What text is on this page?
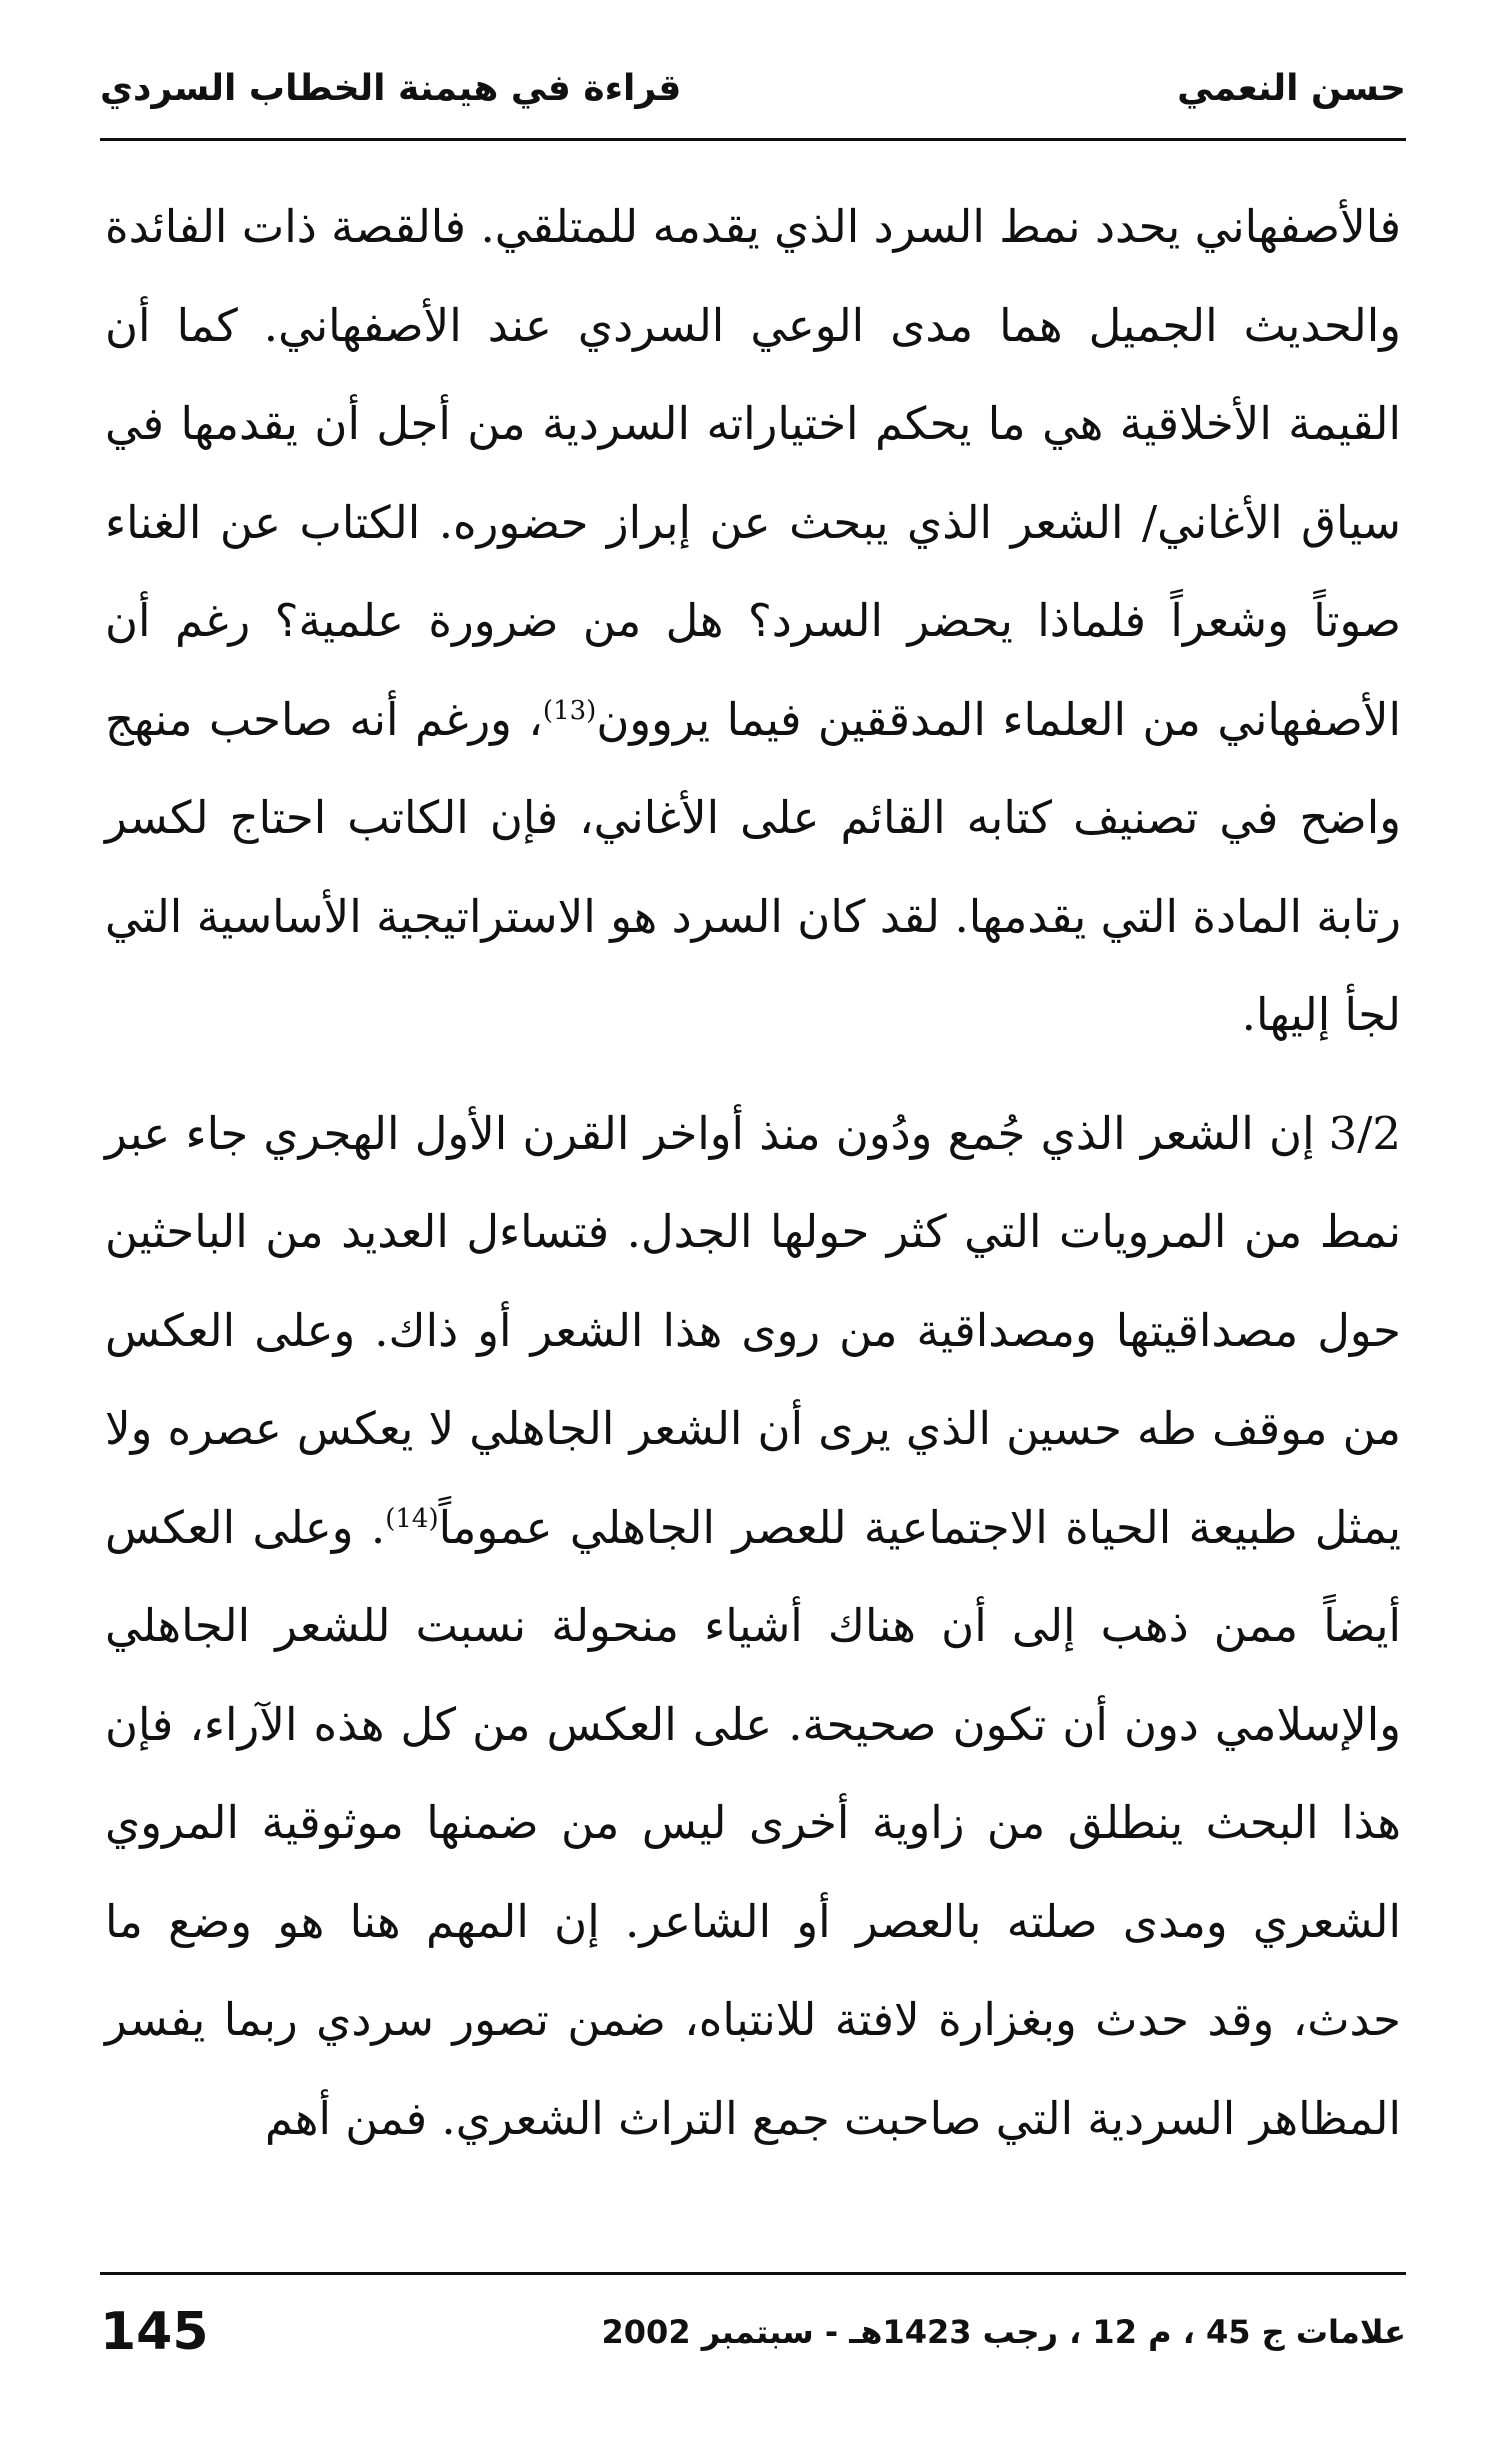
قراءة في هيمنة الخطاب السردي	حسن النعمي

فالأصفهاني يحدد نمط السرد الذي يقدمه للمتلقي. فالقصة ذات الفائدة والحديث الجميل هما مدى الوعي السردي عند الأصفهاني. كما أن القيمة الأخلاقية هي ما يحكم اختياراته السردية من أجل أن يقدمها في سياق الأغاني/ الشعر الذي يبحث عن إبراز حضوره. الكتاب عن الغناء صوتاً وشعراً فلماذا يحضر السرد؟ هل من ضرورة علمية؟ رغم أن الأصفهاني من العلماء المدققين فيما يروون$^{(13)}$، ورغم أنه صاحب منهج واضح في تصنيف كتابه القائم على الأغاني، فإن الكاتب احتاج لكسر رتابة المادة التي يقدمها. لقد كان السرد هو الاستراتيجية الأساسية التي لجأ إليها.

3/2إن الشعر الذي جُمع ودُون منذ أواخر القرن الأول الهجري جاء عبر نمط من المرويات التي كثر حولها الجدل. فتساءل العديد من الباحثين حول مصداقيتها ومصداقية من روى هذا الشعر أو ذاك. وعلى العكس من موقف طه حسين الذي يرى أن الشعر الجاهلي لا يعكس عصره ولا يمثل طبيعة الحياة الاجتماعية للعصر الجاهلي عموماً$^{(14)}$. وعلى العكس أيضاً ممن ذهب إلى أن هناك أشياء منحولة نسبت للشعر الجاهلي والإسلامي دون أن تكون صحيحة. على العكس من كل هذه الآراء، فإن هذا البحث ينطلق من زاوية أخرى ليس من ضمنها موثوقية المروي الشعري ومدى صلته بالعصر أو الشاعر. إن المهم هنا هو وضع ما حدث، وقد حدث وبغزارة لافتة للانتباه، ضمن تصور سردي ربما يفسر المظاهر السردية التي صاحبت جمع التراث الشعري. فمن أهم

145	علامات ج 45 ، م 12 ، رجب 1423هـ - سبتمبر 2002
